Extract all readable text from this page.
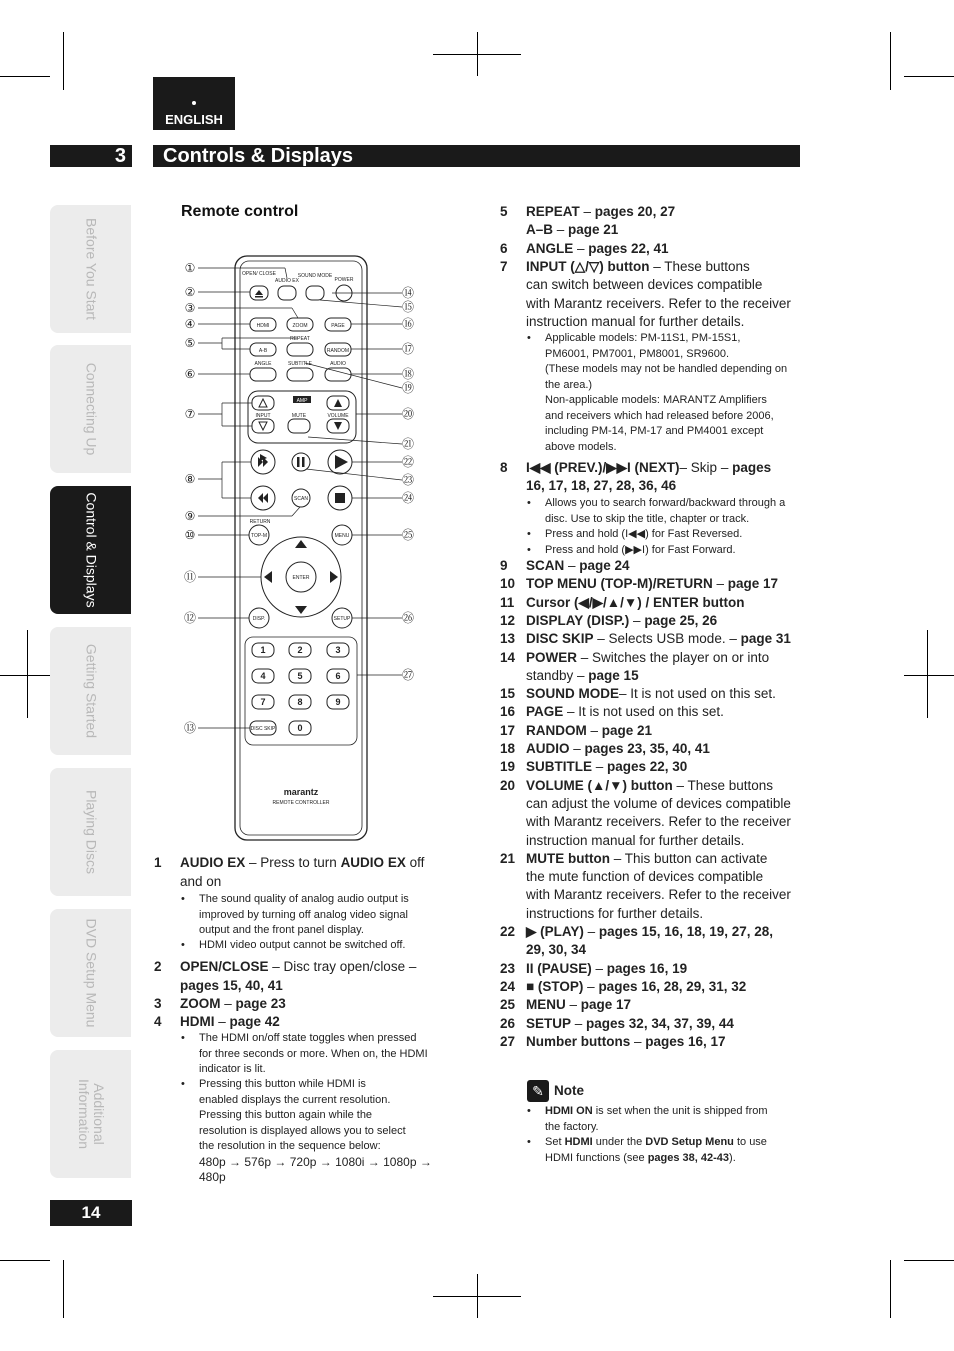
ENGLISH
3	Controls & Displays
Before You Start
Connecting Up
Control & Displays
Getting Started
Playing Discs
DVD Setup Menu
Additional Information
14
Remote control
OPEN/ CLOSE
AUDIO EX
SOUND MODE
POWER
HDMI	ZOOM	PAGE
REPEAT
A-B	RANDOM
ANGLE	SUBTITLE	AUDIO
AMP
INPUT	MUTE	VOLUME
SCAN
RETURN
TOP-M	MENU
ENTER
DISP.	SETUP
DISC SKIP
REMOTE CONTROLLER
marantz
1	2	3
4	5	6
7	8	9
0
①
②
③
④
⑤
⑥
⑦
⑧
⑨
⑩
⑪
⑫
⑬
⑭
⑮
⑯
⑰
⑱
⑲
⑳
㉑
㉒
㉓
㉔
㉕
㉖
㉗
1 AUDIO EX – Press to turn AUDIO EX off
and on
• The sound quality of analog audio output is
improved by turning off analog video signal
output and the front panel display.
• HDMI video output cannot be switched off.
2 OPEN/CLOSE – Disc tray open/close –
pages 15, 40, 41
3 ZOOM – page 23
4 HDMI – page 42
• The HDMI on/off state toggles when pressed
for three seconds or more. When on, the HDMI
indicator is lit.
• Pressing this button while HDMI is
enabled displays the current resolution.
Pressing this button again while the
resolution is displayed allows you to select
the resolution in the sequence below:
480p → 576p → 720p → 1080i → 1080p →
480p
5 REPEAT – pages 20, 27
A–B – page 21
6 ANGLE – pages 22, 41
7 INPUT (△/▽) button – These buttons
can switch between devices compatible
with Marantz receivers. Refer to the receiver
instruction manual for further details.
• Applicable models: PM-11S1, PM-15S1,
PM6001, PM7001, PM8001, SR9600.
(These models may not be handled depending on
the area.)
Non-applicable models: MARANTZ Amplifiers
and receivers which had released before 2006,
including PM-14, PM-17 and PM4001 except
above models.
8 I◀◀ (PREV.)/▶▶I (NEXT)– Skip – pages
16, 17, 18, 27, 28, 36, 46
• Allows you to search forward/backward through a
disc. Use to skip the title, chapter or track.
• Press and hold (I◀◀) for Fast Reversed.
• Press and hold (▶▶I) for Fast Forward.
9 SCAN – page 24
10 TOP MENU (TOP-M)/RETURN – page 17
11 Cursor (◀/▶/▲/▼) / ENTER button
12 DISPLAY (DISP.) – page 25, 26
13 DISC SKIP – Selects USB mode. – page 31
14 POWER – Switches the player on or into
standby – page 15
15 SOUND MODE– It is not used on this set.
16 PAGE – It is not used on this set.
17 RANDOM – page 21
18 AUDIO – pages 23, 35, 40, 41
19 SUBTITLE – pages 22, 30
20 VOLUME (▲/▼) button – These buttons
can adjust the volume of devices compatible
with Marantz receivers. Refer to the receiver
instruction manual for further details.
21 MUTE button – This button can activate
the mute function of devices compatible
with Marantz receivers. Refer to the receiver
instructions for further details.
22 ▶ (PLAY) – pages 15, 16, 18, 19, 27, 28,
29, 30, 34
23 II (PAUSE) – pages 16, 19
24 ■ (STOP) – pages 16, 28, 29, 31, 32
25 MENU – page 17
26 SETUP – pages 32, 34, 37, 39, 44
27 Number buttons – pages 16, 17
✎ Note
• HDMI ON is set when the unit is shipped from
the factory.
• Set HDMI under the DVD Setup Menu to use
HDMI functions (see pages 38, 42-43).
